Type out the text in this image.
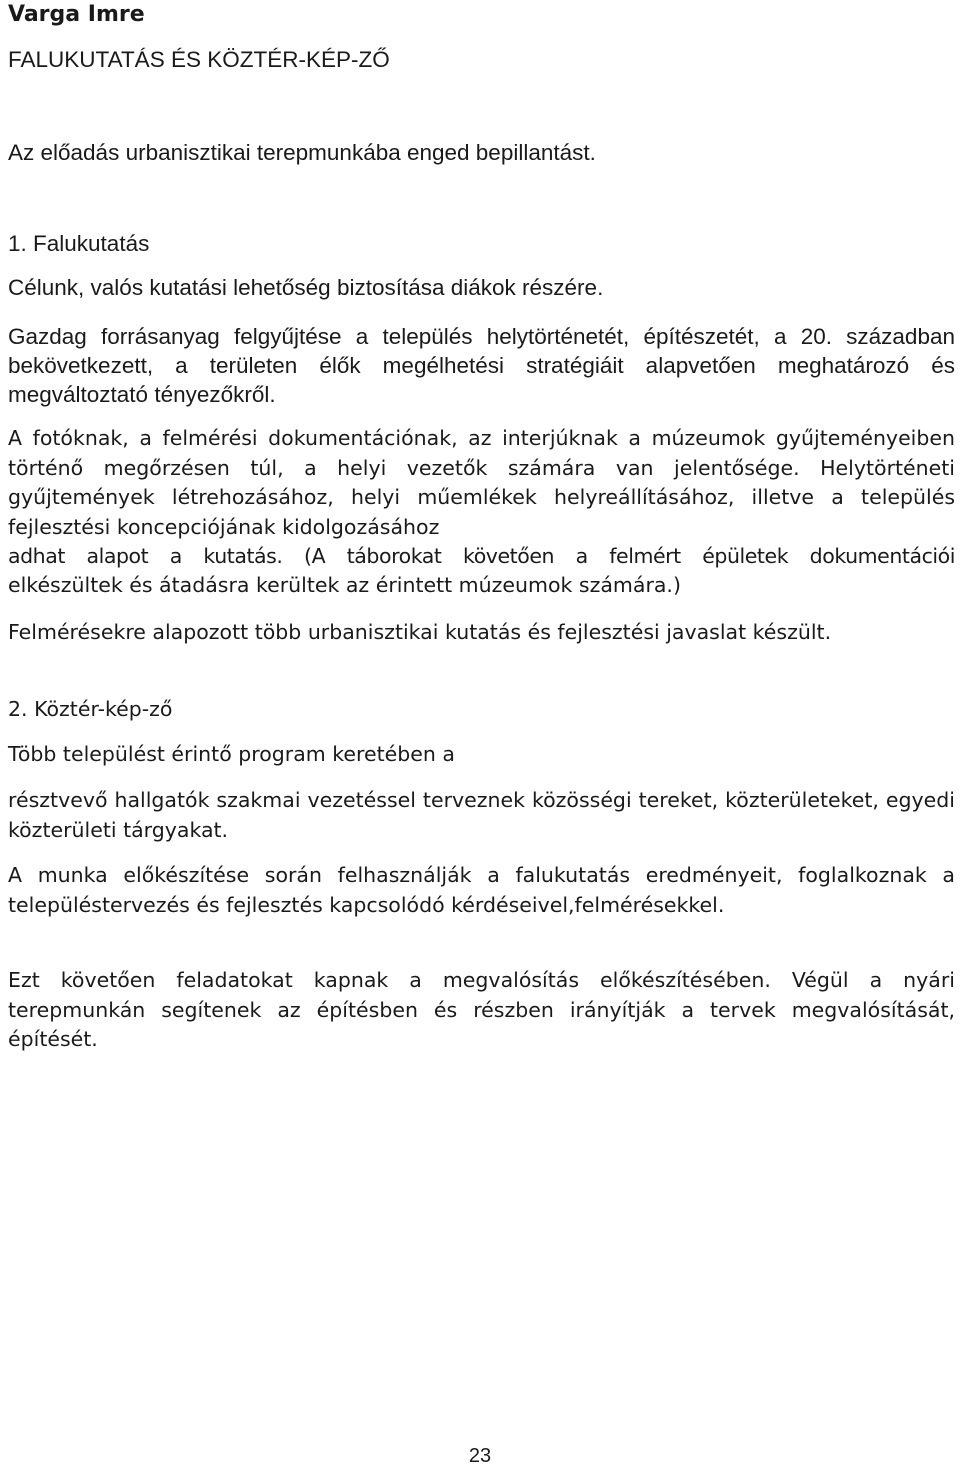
Varga Imre

FALUKUTATÁS ÉS KÖZTÉR-KÉP-ZŐ

Az előadás urbanisztikai terepmunkába enged bepillantást.

1. Falukutatás

Célunk, valós kutatási lehetőség biztosítása diákok részére.

Gazdag forrásanyag felgyűjtése a település helytörténetét, építészetét, a 20. században bekövetkezett, a területen élők megélhetési stratégiáit alapvetően meghatározó és megváltoztató tényezőkről.

A fotóknak, a felmérési dokumentációnak, az interjúknak a múzeumok gyűjteményeiben történő megőrzésen túl, a helyi vezetők számára van jelentősége. Helytörténeti gyűjtemények létrehozásához, helyi műemlékek helyreállításához, illetve a település fejlesztési koncepciójának kidolgozásához

adhat alapot a kutatás. (A táborokat követően a felmért épületek dokumentációi

elkészültek és átadásra kerültek az érintett múzeumok számára.)

Felmérésekre alapozott több urbanisztikai kutatás és fejlesztési javaslat készült.

2. Köztér-kép-ző

Több települést érintő program keretében a

résztvevő hallgatók szakmai vezetéssel terveznek közösségi tereket, közterületeket, egyedi közterületi tárgyakat.

A munka előkészítése során felhasználják a falukutatás eredményeit, foglalkoznak a településtervezés és fejlesztés kapcsolódó kérdéseivel,felmérésekkel.

Ezt követően feladatokat kapnak a megvalósítás előkészítésében. Végül a nyári terepmunkán segítenek az építésben és részben irányítják a tervek megvalósítását, építését.

23
